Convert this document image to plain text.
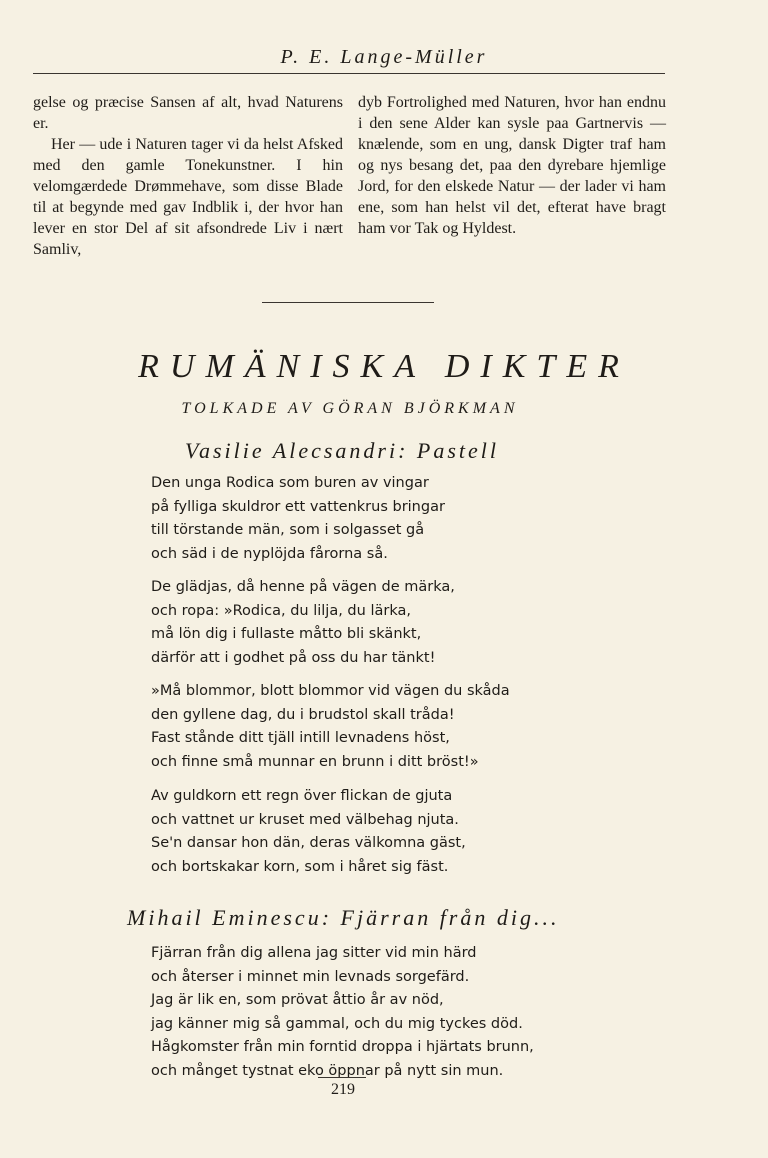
P. E. Lange-Müller

gelse og præcise Sansen af alt, hvad Naturens er.

Her — ude i Naturen tager vi da helst Afsked med den gamle Tonekunstner. I hin velomgærdede Drømmehave, som disse Blade til at begynde med gav Indblik i, der hvor han lever en stor Del af sit afsondrede Liv i nært Samliv,

dyb Fortrolighed med Naturen, hvor han endnu i den sene Alder kan sysle paa Gartnervis — knælende, som en ung, dansk Digter traf ham og nys besang det, paa den dyrebare hjemlige Jord, for den elskede Natur — der lader vi ham ene, som han helst vil det, efterat have bragt ham vor Tak og Hyldest.

RUMÄNISKA DIKTER
TOLKADE AV GÖRAN BJÖRKMAN
Vasilie Alecsandri: Pastell
Den unga Rodica som buren av vingar
på fylliga skuldror ett vattenkrus bringar
till törstande män, som i solgasset gå
och säd i de nyplöjda fårorna så.
De glädjas, då henne på vägen de märka,
och ropa: »Rodica, du lilja, du lärka,
må lön dig i fullaste måtto bli skänkt,
därför att i godhet på oss du har tänkt!
»Må blommor, blott blommor vid vägen du skåda
den gyllene dag, du i brudstol skall tråda!
Fast stånde ditt tjäll intill levnadens höst,
och finne små munnar en brunn i ditt bröst!»
Av guldkorn ett regn över flickan de gjuta
och vattnet ur kruset med välbehag njuta.
Se'n dansar hon dän, deras välkomna gäst,
och bortskakar korn, som i håret sig fäst.
Mihail Eminescu: Fjärran från dig...
Fjärran från dig allena jag sitter vid min härd
och återser i minnet min levnads sorgefärd.
Jag är lik en, som prövat åttio år av nöd,
jag känner mig så gammal, och du mig tyckes död.
Hågkomster från min forntid droppa i hjärtats brunn,
och månget tystnat eko öppnar på nytt sin mun.
219
